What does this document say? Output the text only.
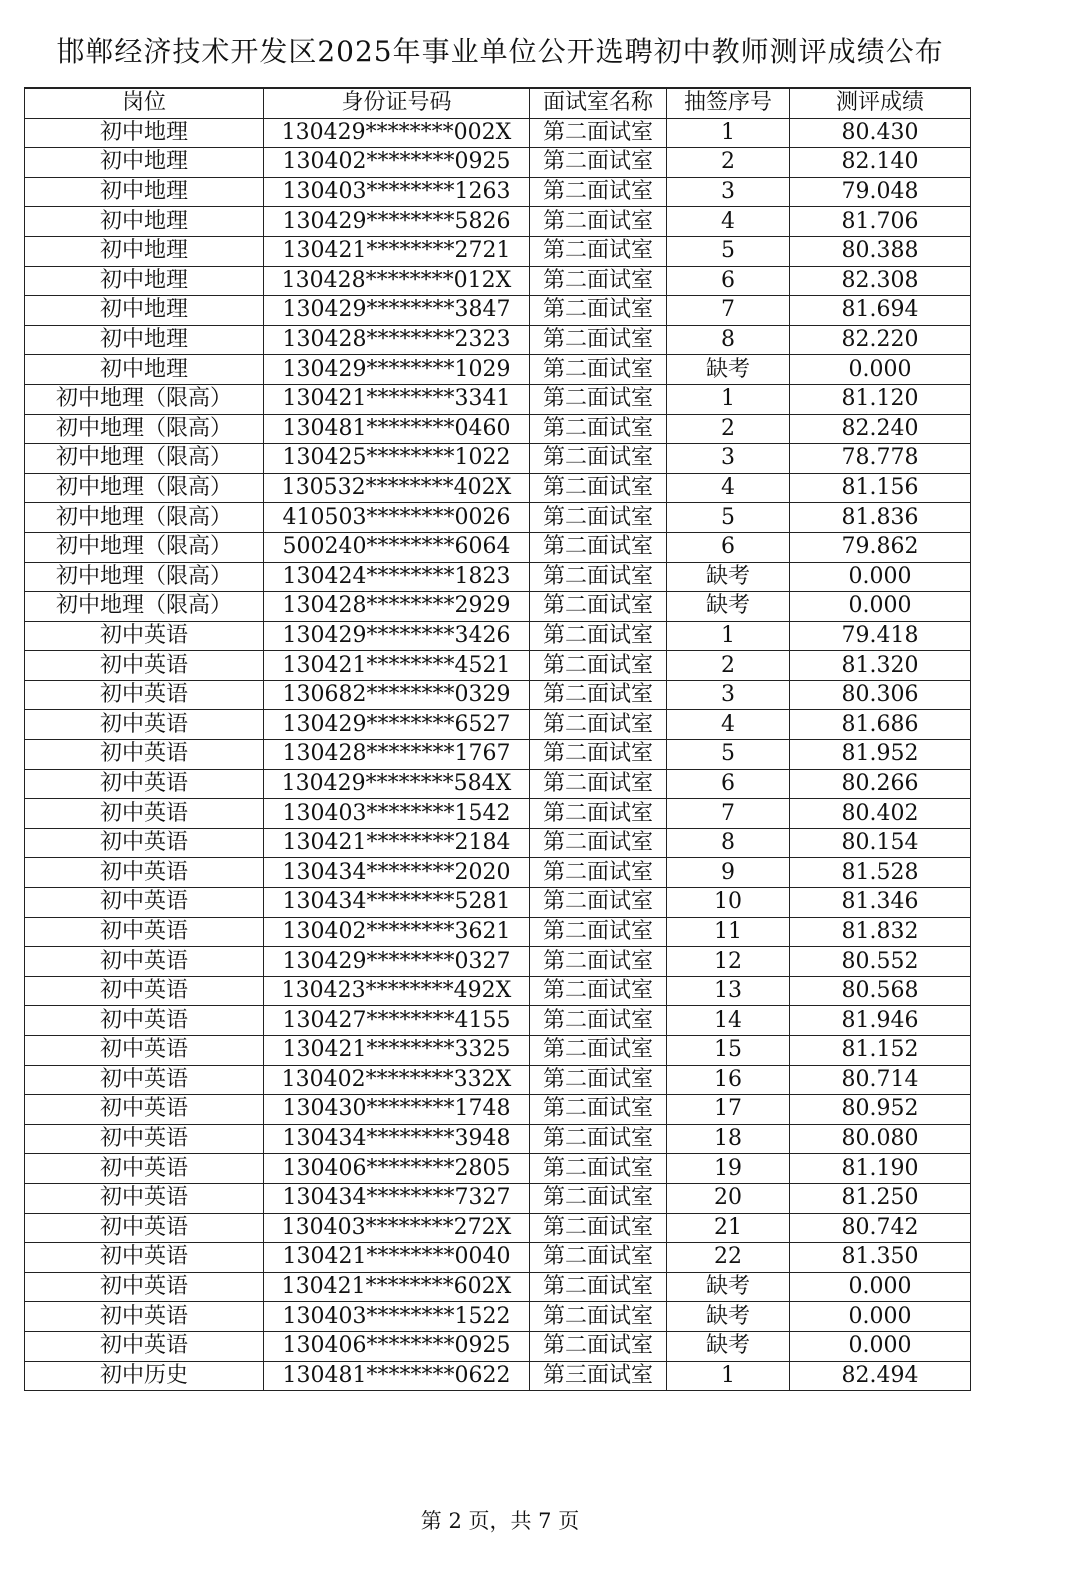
邯郸经济技术开发区2025年事业单位公开选聘初中教师测评成绩公布
岗位	身份证号码	面试室名称	抽签序号	测评成绩
初中地理	130429********002X	第二面试室	1	80.430
初中地理	130402********0925	第二面试室	2	82.140
初中地理	130403********1263	第二面试室	3	79.048
初中地理	130429********5826	第二面试室	4	81.706
初中地理	130421********2721	第二面试室	5	80.388
初中地理	130428********012X	第二面试室	6	82.308
初中地理	130429********3847	第二面试室	7	81.694
初中地理	130428********2323	第二面试室	8	82.220
初中地理	130429********1029	第二面试室	缺考	0.000
初中地理（限高）	130421********3341	第二面试室	1	81.120
初中地理（限高）	130481********0460	第二面试室	2	82.240
初中地理（限高）	130425********1022	第二面试室	3	78.778
初中地理（限高）	130532********402X	第二面试室	4	81.156
初中地理（限高）	410503********0026	第二面试室	5	81.836
初中地理（限高）	500240********6064	第二面试室	6	79.862
初中地理（限高）	130424********1823	第二面试室	缺考	0.000
初中地理（限高）	130428********2929	第二面试室	缺考	0.000
初中英语	130429********3426	第二面试室	1	79.418
初中英语	130421********4521	第二面试室	2	81.320
初中英语	130682********0329	第二面试室	3	80.306
初中英语	130429********6527	第二面试室	4	81.686
初中英语	130428********1767	第二面试室	5	81.952
初中英语	130429********584X	第二面试室	6	80.266
初中英语	130403********1542	第二面试室	7	80.402
初中英语	130421********2184	第二面试室	8	80.154
初中英语	130434********2020	第二面试室	9	81.528
初中英语	130434********5281	第二面试室	10	81.346
初中英语	130402********3621	第二面试室	11	81.832
初中英语	130429********0327	第二面试室	12	80.552
初中英语	130423********492X	第二面试室	13	80.568
初中英语	130427********4155	第二面试室	14	81.946
初中英语	130421********3325	第二面试室	15	81.152
初中英语	130402********332X	第二面试室	16	80.714
初中英语	130430********1748	第二面试室	17	80.952
初中英语	130434********3948	第二面试室	18	80.080
初中英语	130406********2805	第二面试室	19	81.190
初中英语	130434********7327	第二面试室	20	81.250
初中英语	130403********272X	第二面试室	21	80.742
初中英语	130421********0040	第二面试室	22	81.350
初中英语	130421********602X	第二面试室	缺考	0.000
初中英语	130403********1522	第二面试室	缺考	0.000
初中英语	130406********0925	第二面试室	缺考	0.000
初中历史	130481********0622	第三面试室	1	82.494
第 2 页，共 7 页
